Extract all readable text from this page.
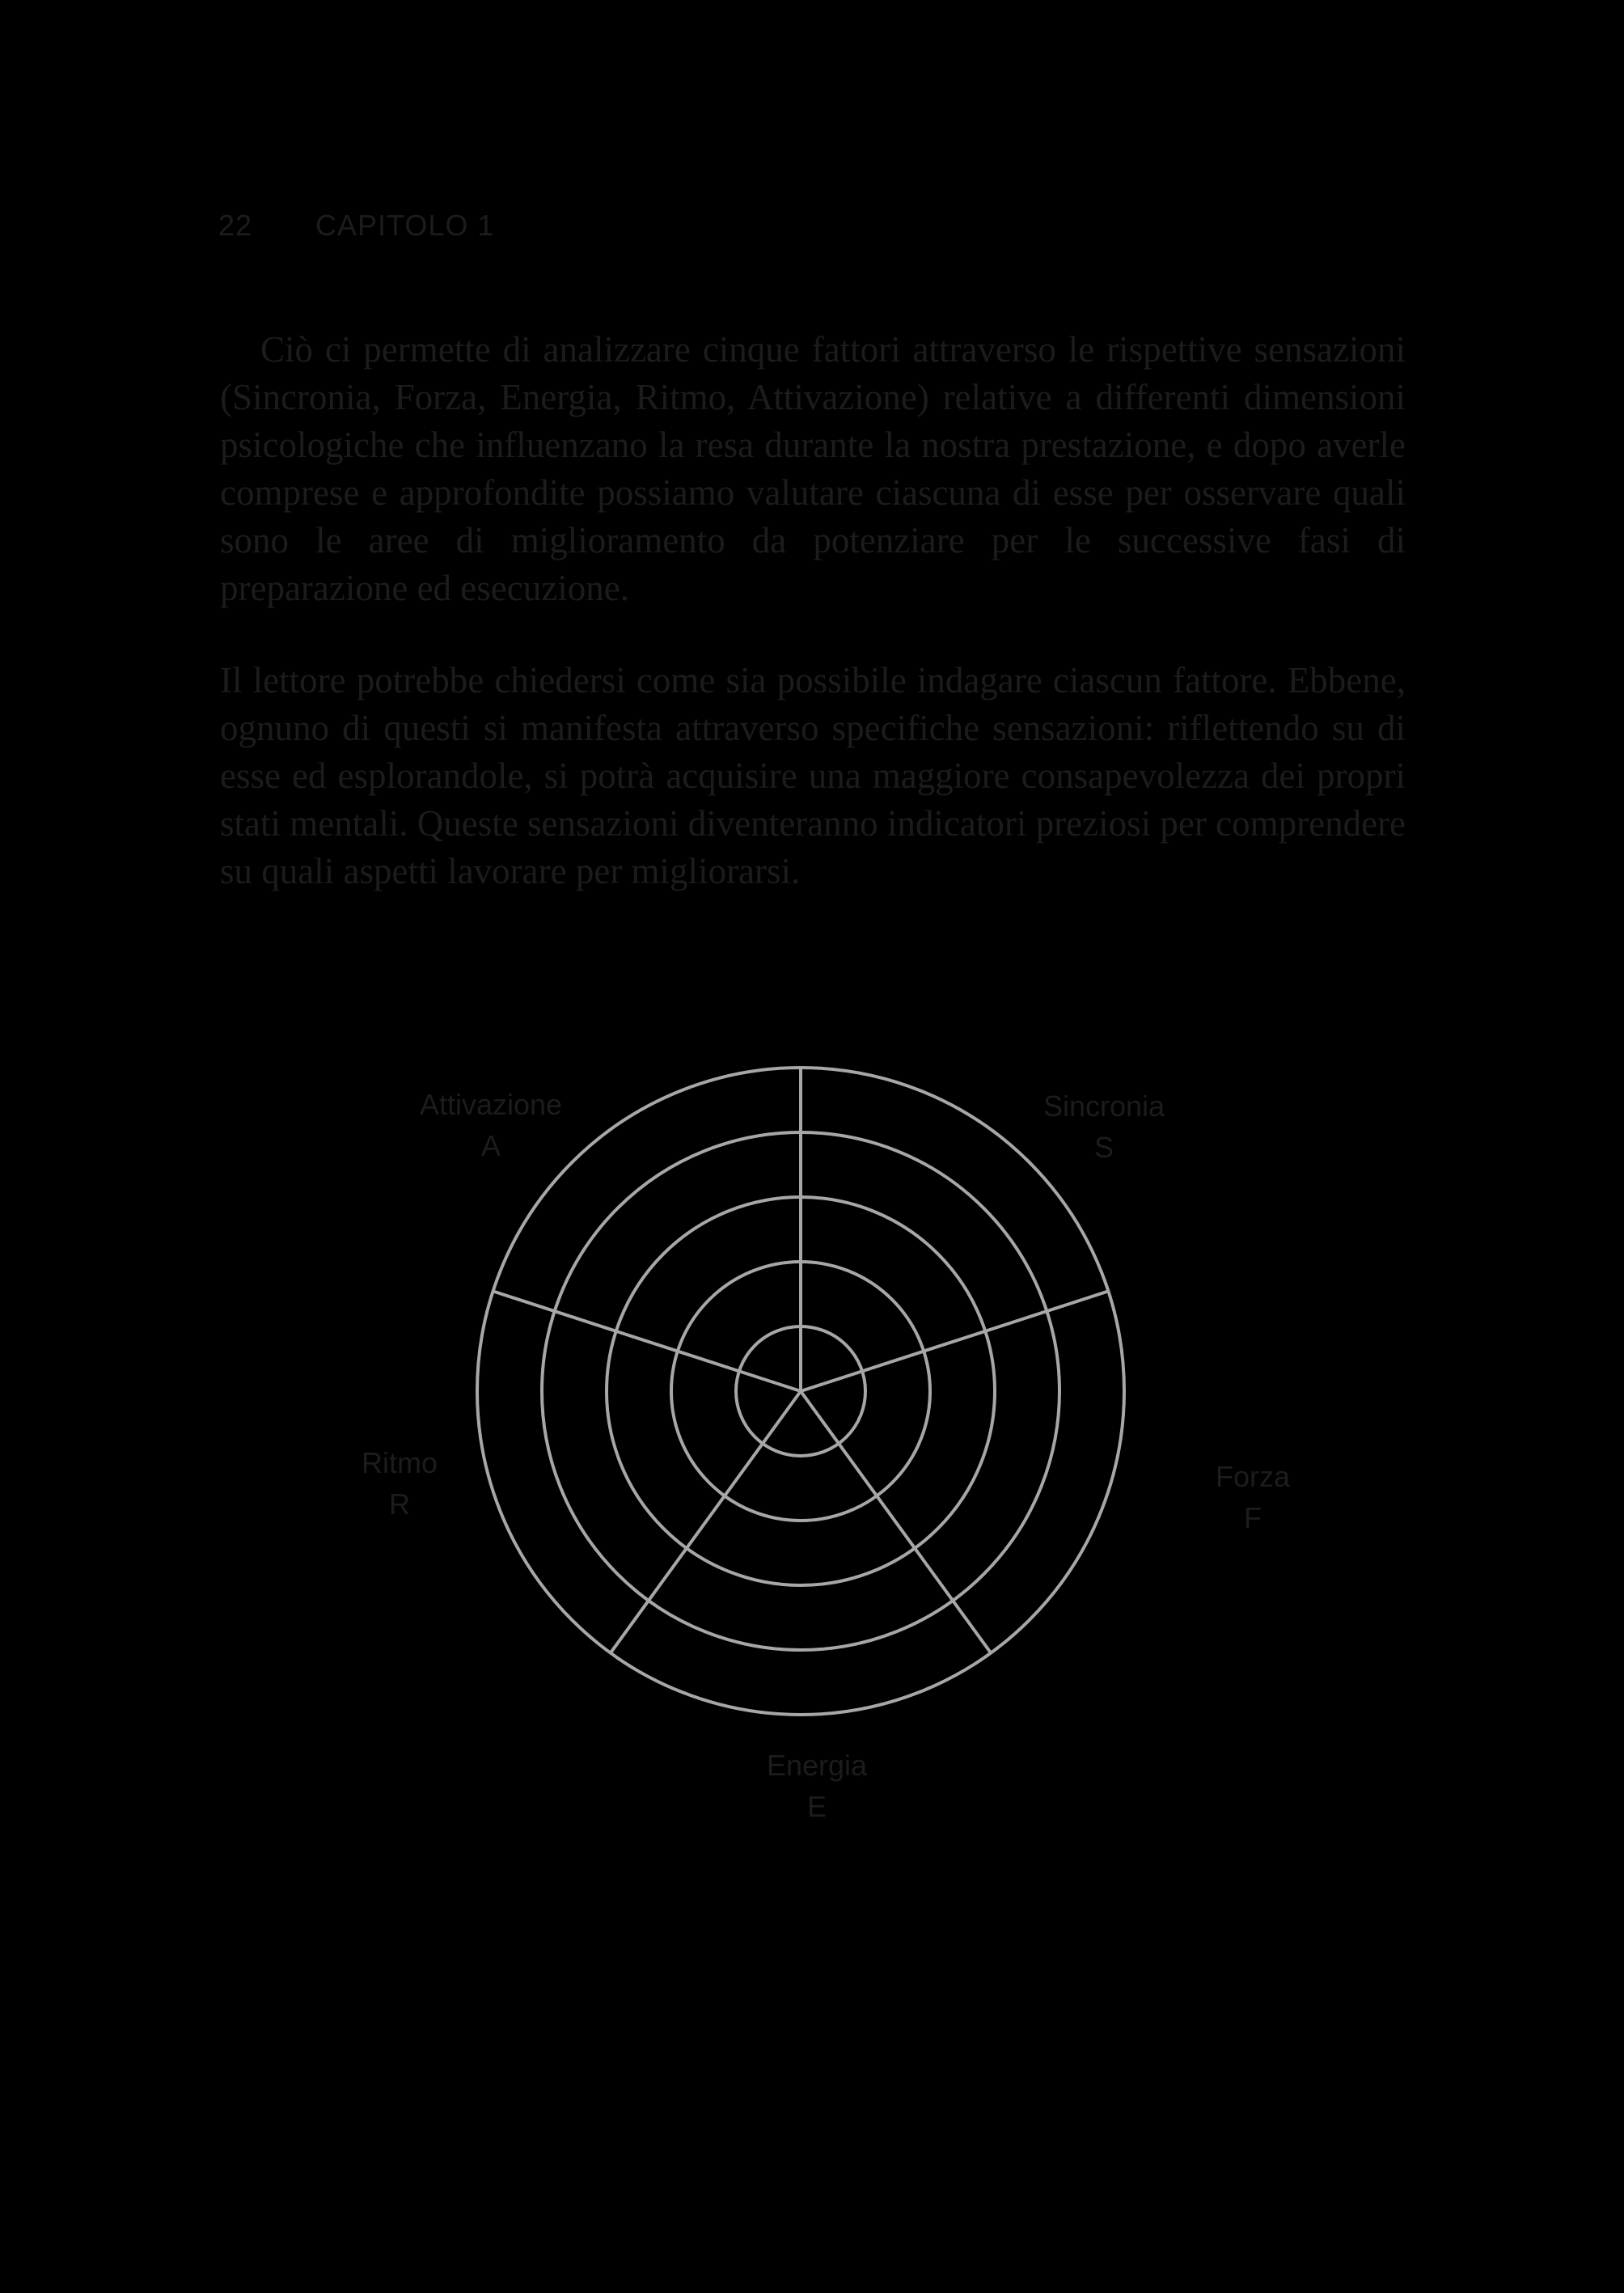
22 CAPITOLO 1

Ciò ci permette di analizzare cinque fattori attraverso le rispettive sensazioni (Sincronia, Forza, Energia, Ritmo, Attivazione) relative a differenti dimensioni psicologiche che influenzano la resa durante la nostra prestazione, e dopo averle comprese e approfondite possiamo valutare ciascuna di esse per osservare quali sono le aree di miglioramento da potenziare per le successive fasi di preparazione ed esecuzione.

Il lettore potrebbe chiedersi come sia possibile indagare ciascun fattore. Ebbene, ognuno di questi si manifesta attraverso specifiche sensazioni: riflettendo su di esse ed esplorandole, si potrà acquisire una maggiore consapevolezza dei propri stati mentali. Queste sensazioni diventeranno indicatori preziosi per comprendere su quali aspetti lavorare per migliorarsi.

Sincronia
S
Forza
F
Energia
E
Ritmo
R
Attivazione
A
